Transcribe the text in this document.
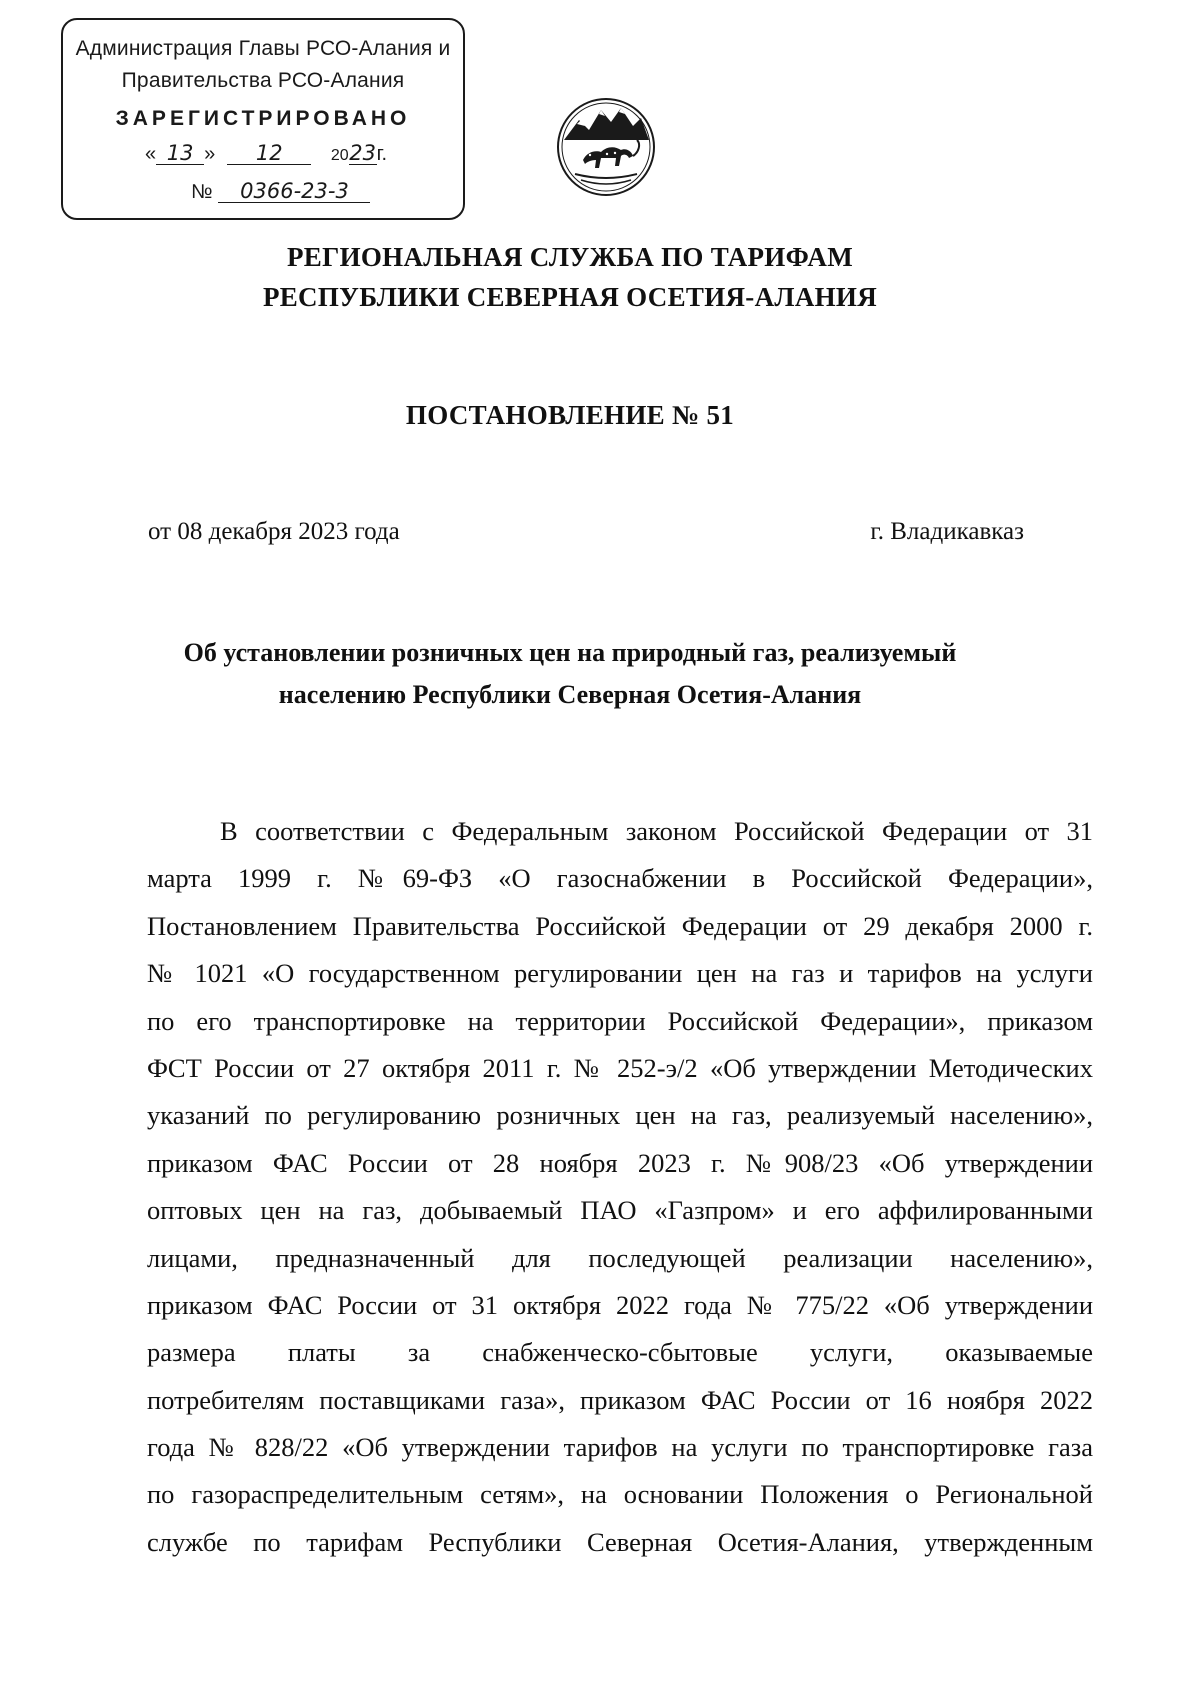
Администрация Главы РСО-Алания и
Правительства РСО-Алания
ЗАРЕГИСТРИРОВАНО
« 13 » 12	2023г.
№ 0366-23-3
РЕГИОНАЛЬНАЯ СЛУЖБА ПО ТАРИФАМ
РЕСПУБЛИКИ СЕВЕРНАЯ ОСЕТИЯ-АЛАНИЯ
ПОСТАНОВЛЕНИЕ № 51
от 08 декабря 2023 года	г. Владикавказ
Об установлении розничных цен на природный газ, реализуемый
населению Республики Северная Осетия-Алания
В соответствии с Федеральным законом Российской Федерации от 31
марта 1999 г. №69-ФЗ «О газоснабжении в Российской Федерации»,
Постановлением Правительства Российской Федерации от 29 декабря 2000 г.
№ 1021 «О государственном регулировании цен на газ и тарифов на услуги
по его транспортировке на территории Российской Федерации», приказом
ФСТ России от 27 октября 2011 г. № 252-э/2 «Об утверждении Методических
указаний по регулированию розничных цен на газ, реализуемый населению»,
приказом ФАС России от 28 ноября 2023 г. №908/23 «Об утверждении
оптовых цен на газ, добываемый ПАО «Газпром» и его аффилированными
лицами, предназначенный для последующей реализации населению»,
приказом ФАС России от 31 октября 2022 года № 775/22 «Об утверждении
размера платы за снабженческо-сбытовые услуги, оказываемые
потребителям поставщиками газа», приказом ФАС России от 16 ноября 2022
года № 828/22 «Об утверждении тарифов на услуги по транспортировке газа
по газораспределительным сетям», на основании Положения о Региональной
службе по тарифам Республики Северная Осетия-Алания, утвержденным
